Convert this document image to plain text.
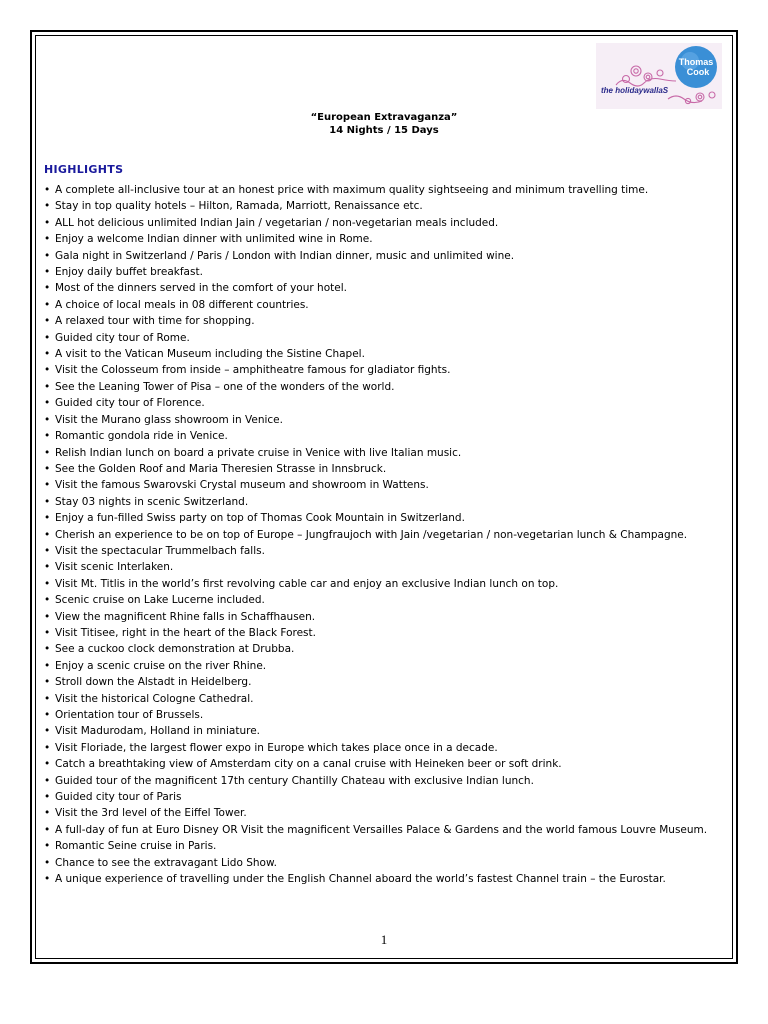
Thomas
Cook
the holidaywallaS
“European Extravaganza”
14 Nights / 15 Days
HIGHLIGHTS
• A complete all-inclusive tour at an honest price with maximum quality sightseeing and minimum travelling time.
• Stay in top quality hotels – Hilton, Ramada, Marriott, Renaissance etc.
• ALL hot delicious unlimited Indian Jain / vegetarian / non-vegetarian meals included.
• Enjoy a welcome Indian dinner with unlimited wine in Rome.
• Gala night in Switzerland / Paris / London with Indian dinner, music and unlimited wine.
• Enjoy daily buffet breakfast.
• Most of the dinners served in the comfort of your hotel.
• A choice of local meals in 08 different countries.
• A relaxed tour with time for shopping.
• Guided city tour of Rome.
• A visit to the Vatican Museum including the Sistine Chapel.
• Visit the Colosseum from inside – amphitheatre famous for gladiator fights.
• See the Leaning Tower of Pisa – one of the wonders of the world.
• Guided city tour of Florence.
• Visit the Murano glass showroom in Venice.
• Romantic gondola ride in Venice.
• Relish Indian lunch on board a private cruise in Venice with live Italian music.
• See the Golden Roof and Maria Theresien Strasse in Innsbruck.
• Visit the famous Swarovski Crystal museum and showroom in Wattens.
• Stay 03 nights in scenic Switzerland.
• Enjoy a fun-filled Swiss party on top of Thomas Cook Mountain in Switzerland.
• Cherish an experience to be on top of Europe – Jungfraujoch with Jain /vegetarian / non-vegetarian lunch & Champagne.
• Visit the spectacular Trummelbach falls.
• Visit scenic Interlaken.
• Visit Mt. Titlis in the world’s first revolving cable car and enjoy an exclusive Indian lunch on top.
• Scenic cruise on Lake Lucerne included.
• View the magnificent Rhine falls in Schaffhausen.
• Visit Titisee, right in the heart of the Black Forest.
• See a cuckoo clock demonstration at Drubba.
• Enjoy a scenic cruise on the river Rhine.
• Stroll down the Alstadt in Heidelberg.
• Visit the historical Cologne Cathedral.
• Orientation tour of Brussels.
• Visit Madurodam, Holland in miniature.
• Visit Floriade, the largest flower expo in Europe which takes place once in a decade.
• Catch a breathtaking view of Amsterdam city on a canal cruise with Heineken beer or soft drink.
• Guided tour of the magnificent 17th century Chantilly Chateau with exclusive Indian lunch.
• Guided city tour of Paris
• Visit the 3rd level of the Eiffel Tower.
• A full-day of fun at Euro Disney OR Visit the magnificent Versailles Palace & Gardens and the world famous Louvre Museum.
• Romantic Seine cruise in Paris.
• Chance to see the extravagant Lido Show.
• A unique experience of travelling under the English Channel aboard the world’s fastest Channel train – the Eurostar.
1
